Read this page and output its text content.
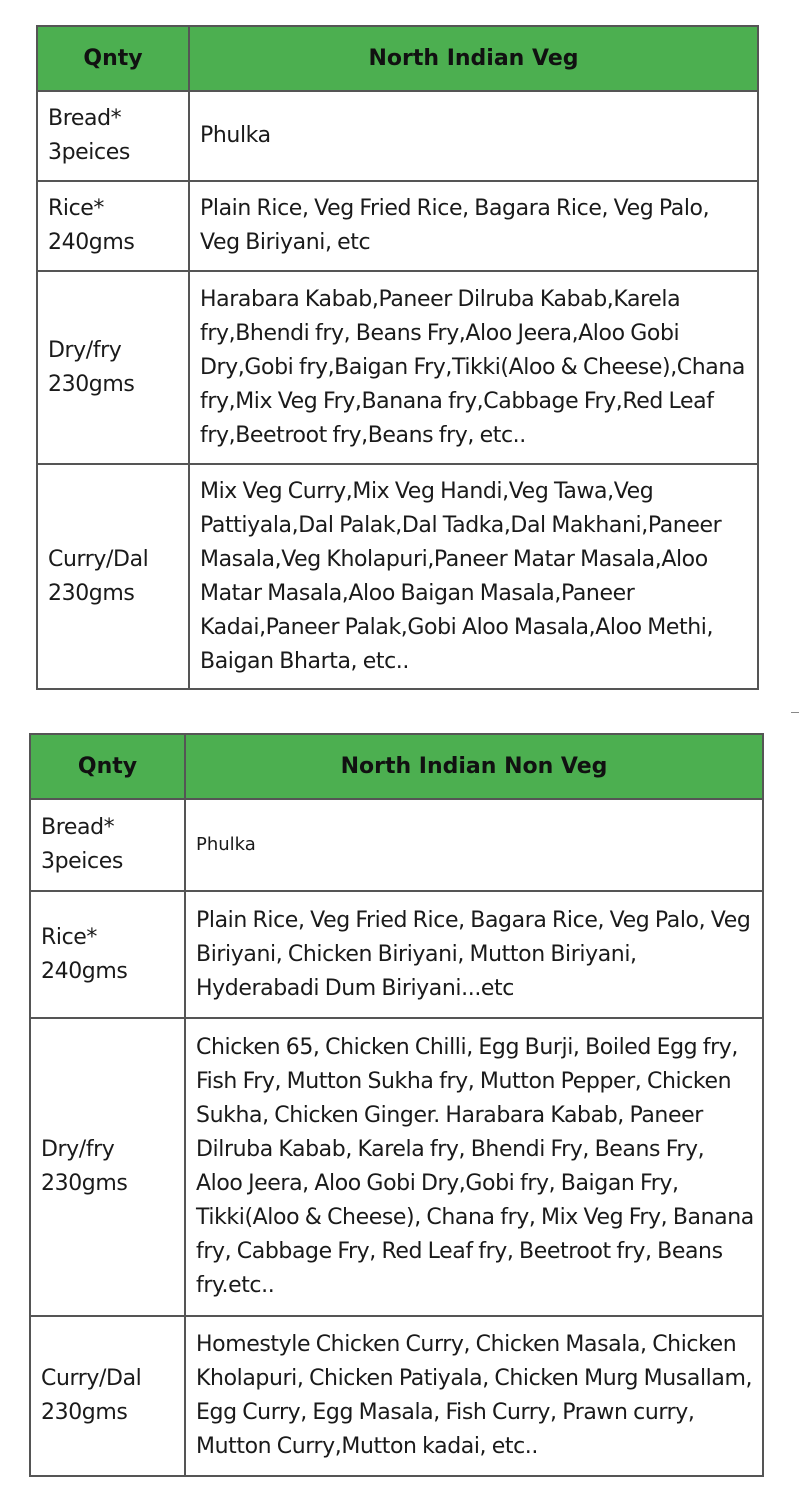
Qnty	North Indian Veg
Bread* 3peices	Phulka
Rice* 240gms	Plain Rice, Veg Fried Rice, Bagara Rice, Veg Palo, Veg Biriyani, etc
Dry/fry 230gms	Harabara Kabab,Paneer Dilruba Kabab,Karela fry,Bhendi fry, Beans Fry,Aloo Jeera,Aloo Gobi Dry,Gobi fry,Baigan Fry,Tikki(Aloo & Cheese),Chana fry,Mix Veg Fry,Banana fry,Cabbage Fry,Red Leaf fry,Beetroot fry,Beans fry, etc..
Curry/Dal 230gms	Mix Veg Curry,Mix Veg Handi,Veg Tawa,Veg Pattiyala,Dal Palak,Dal Tadka,Dal Makhani,Paneer Masala,Veg Kholapuri,Paneer Matar Masala,Aloo Matar Masala,Aloo Baigan Masala,Paneer Kadai,Paneer Palak,Gobi Aloo Masala,Aloo Methi, Baigan Bharta, etc..
Qnty	North Indian Non Veg
Bread* 3peices	Phulka
Rice* 240gms	Plain Rice, Veg Fried Rice, Bagara Rice, Veg Palo, Veg Biriyani, Chicken Biriyani, Mutton Biriyani, Hyderabadi Dum Biriyani...etc
Dry/fry 230gms	Chicken 65, Chicken Chilli, Egg Burji, Boiled Egg fry, Fish Fry, Mutton Sukha fry, Mutton Pepper, Chicken Sukha, Chicken Ginger. Harabara Kabab, Paneer Dilruba Kabab, Karela fry, Bhendi Fry, Beans Fry, Aloo Jeera, Aloo Gobi Dry,Gobi fry, Baigan Fry, Tikki(Aloo & Cheese), Chana fry, Mix Veg Fry, Banana fry, Cabbage Fry, Red Leaf fry, Beetroot fry, Beans fry.etc..
Curry/Dal 230gms	Homestyle Chicken Curry, Chicken Masala, Chicken Kholapuri, Chicken Patiyala, Chicken Murg Musallam, Egg Curry, Egg Masala, Fish Curry, Prawn curry, Mutton Curry,Mutton kadai, etc..
